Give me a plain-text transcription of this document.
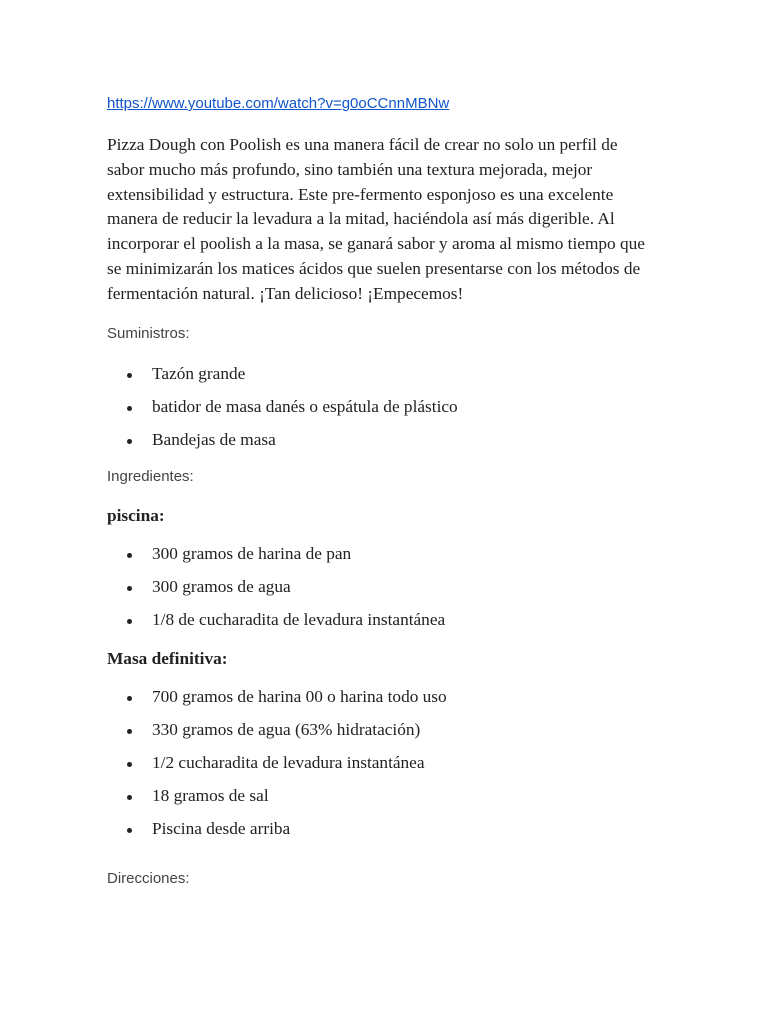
https://www.youtube.com/watch?v=g0oCCnnMBNw

Pizza Dough con Poolish es una manera fácil de crear no solo un perfil de sabor mucho más profundo, sino también una textura mejorada, mejor extensibilidad y estructura. Este pre-fermento esponjoso es una excelente manera de reducir la levadura a la mitad, haciéndola así más digerible. Al incorporar el poolish a la masa, se ganará sabor y aroma al mismo tiempo que se minimizarán los matices ácidos que suelen presentarse con los métodos de fermentación natural. ¡Tan delicioso! ¡Empecemos!

Suministros:

Tazón grande
batidor de masa danés o espátula de plástico
Bandejas de masa

Ingredientes:

piscina:

300 gramos de harina de pan
300 gramos de agua
1/8 de cucharadita de levadura instantánea

Masa definitiva:

700 gramos de harina 00 o harina todo uso
330 gramos de agua (63% hidratación)
1/2 cucharadita de levadura instantánea
18 gramos de sal
Piscina desde arriba

Direcciones:
